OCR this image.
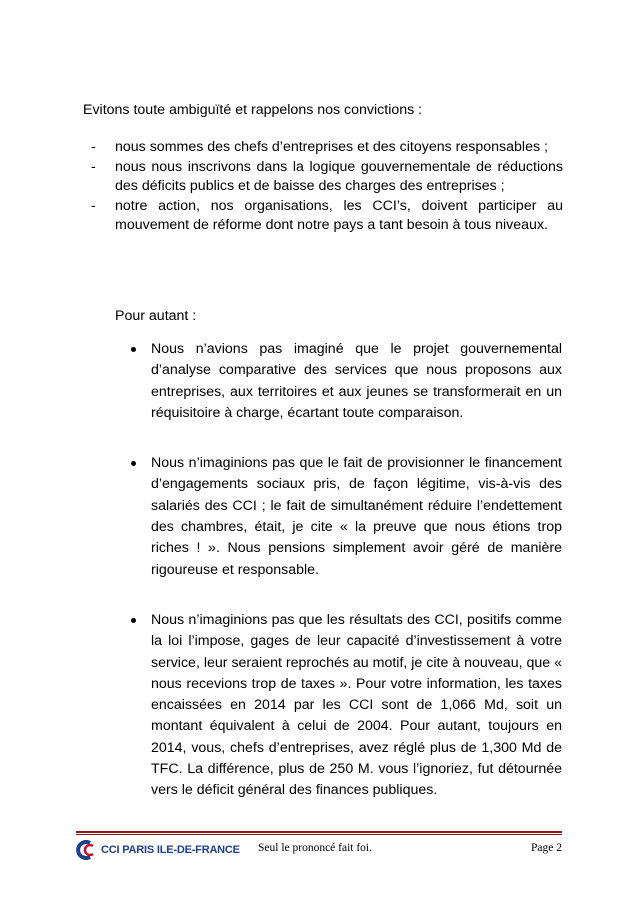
Evitons toute ambiguïté et rappelons nos convictions :

- nous sommes des chefs d’entreprises et des citoyens responsables ;
- nous nous inscrivons dans la logique gouvernementale de réductions des déficits publics et de baisse des charges des entreprises ;
- notre action, nos organisations, les CCI’s, doivent participer au mouvement de réforme dont notre pays a tant besoin à tous niveaux.

Pour autant :

Nous n’avions pas imaginé que le projet gouvernemental d’analyse comparative des services que nous proposons aux entreprises, aux territoires et aux jeunes se transformerait en un réquisitoire à charge, écartant toute comparaison.
Nous n’imaginions pas que le fait de provisionner le financement d’engagements sociaux pris, de façon légitime, vis-à-vis des salariés des CCI ; le fait de simultanément réduire l’endettement des chambres, était, je cite « la preuve que nous étions trop riches ! ». Nous pensions simplement avoir géré de manière rigoureuse et responsable.
Nous n’imaginions pas que les résultats des CCI, positifs comme la loi l’impose, gages de leur capacité d’investissement à votre service, leur seraient reprochés au motif, je cite à nouveau, que « nous recevions trop de taxes ». Pour votre information, les taxes encaissées en 2014 par les CCI sont de 1,066 Md, soit un montant équivalent à celui de 2004. Pour autant, toujours en 2014, vous, chefs d’entreprises, avez réglé plus de 1,300 Md de TFC. La différence, plus de 250 M. vous l’ignoriez, fut détournée vers le déficit général des finances publiques.
CCI PARIS ILE-DE-FRANCE Seul le prononcé fait foi.	Page 2
